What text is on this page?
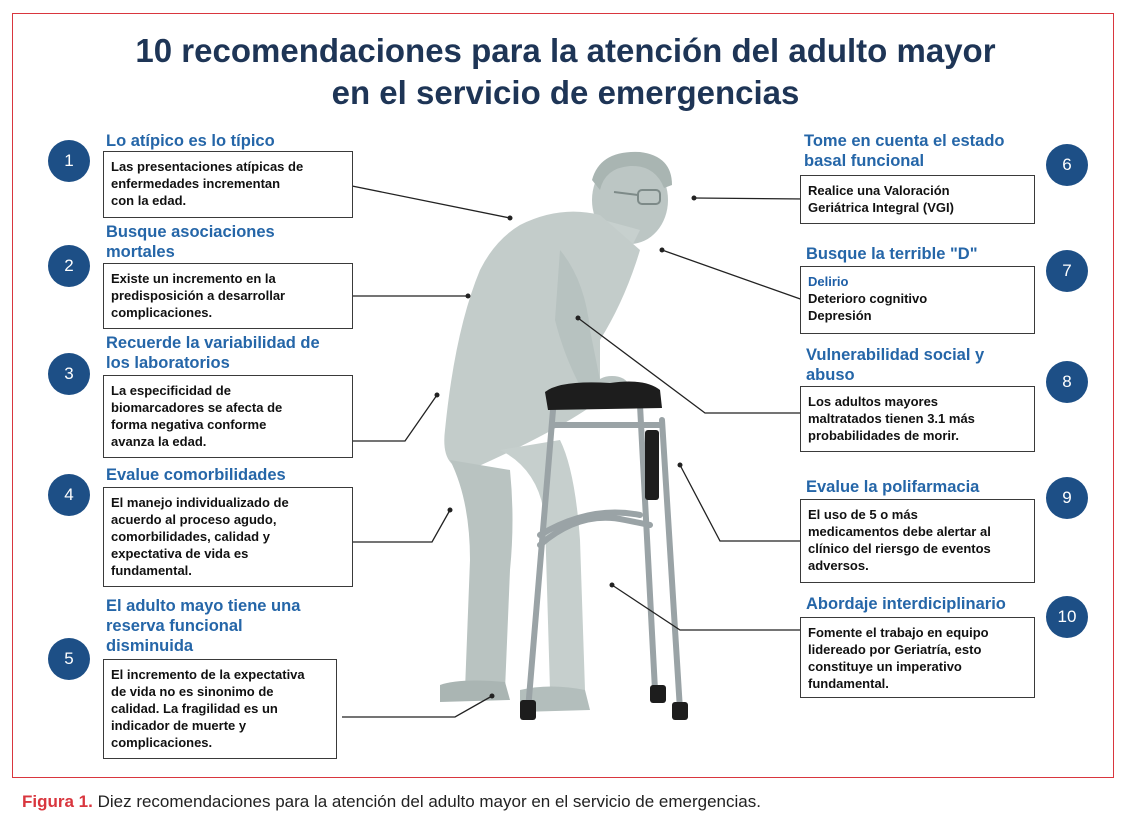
10 recomendaciones para la atención del adulto mayor
en el servicio de emergencias
1
Lo atípico es lo típico
Las presentaciones atípicas de
enfermedades incrementan
con la edad.
2
Busque asociaciones
mortales
Existe un incremento en la
predisposición a desarrollar
complicaciones.
3
Recuerde la variabilidad de
los laboratorios
La especificidad de
biomarcadores se afecta de
forma negativa conforme
avanza la edad.
4
Evalue comorbilidades
El manejo individualizado de
acuerdo al proceso agudo,
comorbilidades, calidad y
expectativa de vida es
fundamental.
5
El adulto mayo tiene una
reserva funcional
disminuida
El incremento de la expectativa
de vida no es sinonimo de
calidad. La fragilidad es un
indicador de muerte y
complicaciones.
6
Tome en cuenta el estado
basal funcional
Realice una Valoración
Geriátrica Integral (VGI)
7
Busque la terrible "D"
Delirio
Deterioro cognitivo
Depresión
8
Vulnerabilidad social y
abuso
Los adultos mayores
maltratados tienen 3.1 más
probabilidades de morir.
9
Evalue la polifarmacia
El uso de 5 o más
medicamentos debe alertar al
clínico del riersgo de eventos
adversos.
10
Abordaje interdiciplinario
Fomente el trabajo en equipo
lidereado por Geriatría, esto
constituye un imperativo
fundamental.
Figura 1. Diez recomendaciones para la atención del adulto mayor en el servicio de emergencias.
